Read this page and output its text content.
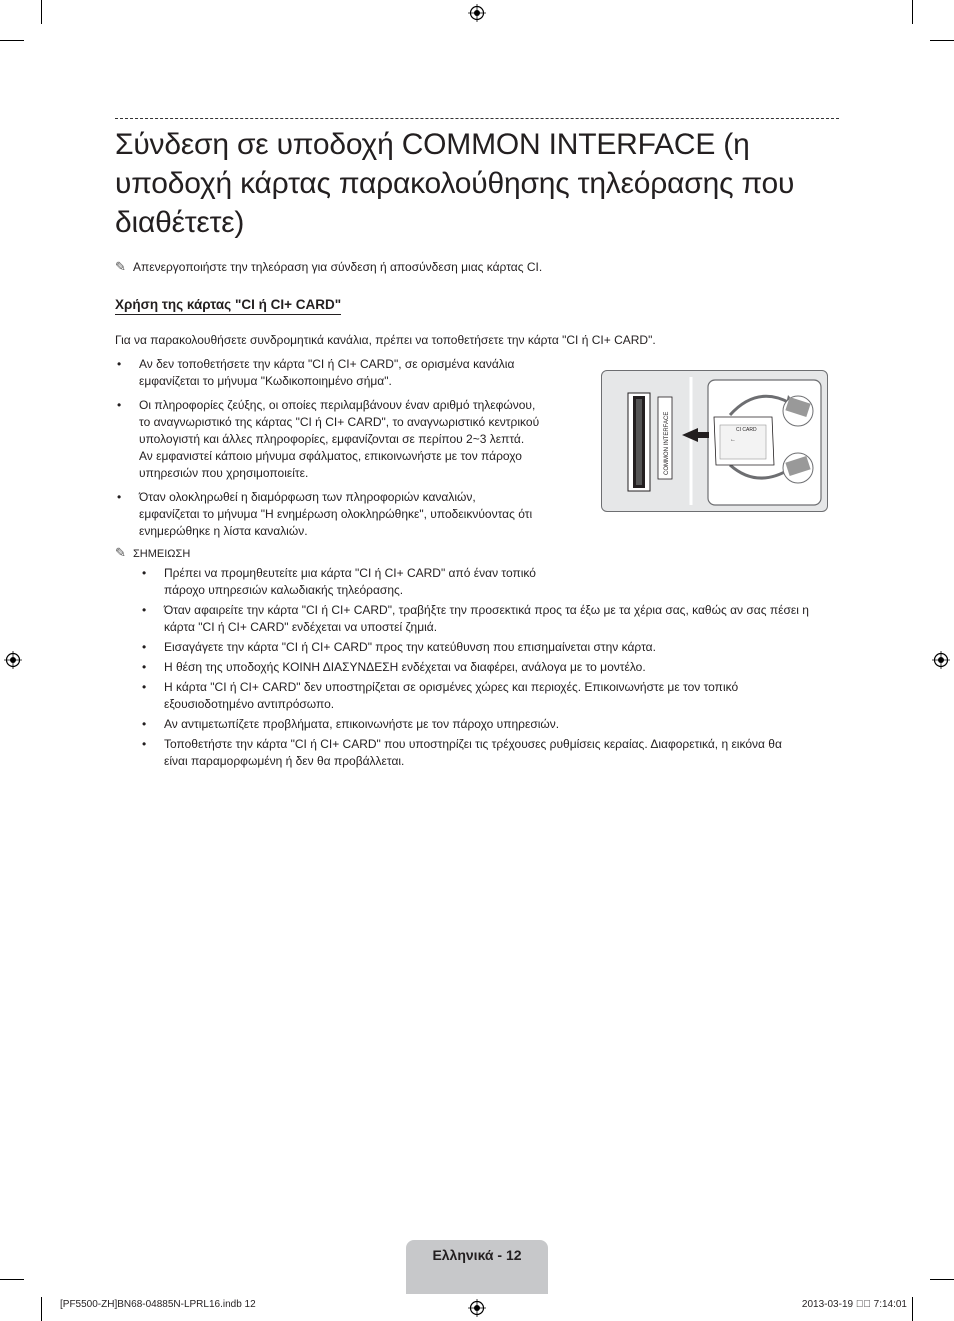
Σύνδεση σε υποδοχή COMMON INTERFACE (η
υποδοχή κάρτας παρακολούθησης τηλεόρασης που
διαθέτετε)
✎ Απενεργοποιήστε την τηλεόραση για σύνδεση ή αποσύνδεση μιας κάρτας CI.
Χρήση της κάρτας "CI ή CI+ CARD"
Για να παρακολουθήσετε συνδρομητικά κανάλια, πρέπει να τοποθετήσετε την κάρτα "CI ή CI+ CARD".
• Αν δεν τοποθετήσετε την κάρτα "CI ή CI+ CARD", σε ορισμένα κανάλια
εμφανίζεται το μήνυμα "Κωδικοποιημένο σήμα".
• Οι πληροφορίες ζεύξης, οι οποίες περιλαμβάνουν έναν αριθμό τηλεφώνου,
το αναγνωριστικό της κάρτας "CI ή CI+ CARD", το αναγνωριστικό κεντρικού
υπολογιστή και άλλες πληροφορίες, εμφανίζονται σε περίπου 2~3 λεπτά.
Αν εμφανιστεί κάποιο μήνυμα σφάλματος, επικοινωνήστε με τον πάροχο
υπηρεσιών που χρησιμοποιείτε.
• Όταν ολοκληρωθεί η διαμόρφωση των πληροφοριών καναλιών,
εμφανίζεται το μήνυμα "Η ενημέρωση ολοκληρώθηκε", υποδεικνύοντας ότι
ενημερώθηκε η λίστα καναλιών.
COMMON INTERFACE	CI CARD
←
✎ ΣΗΜΕΙΩΣΗ
• Πρέπει να προμηθευτείτε μια κάρτα "CI ή CI+ CARD" από έναν τοπικό
πάροχο υπηρεσιών καλωδιακής τηλεόρασης.
• Όταν αφαιρείτε την κάρτα "CI ή CI+ CARD", τραβήξτε την προσεκτικά προς τα έξω με τα χέρια σας, καθώς αν σας πέσει η
κάρτα "CI ή CI+ CARD" ενδέχεται να υποστεί ζημιά.
• Εισαγάγετε την κάρτα "CI ή CI+ CARD" προς την κατεύθυνση που επισημαίνεται στην κάρτα.
• Η θέση της υποδοχής ΚΟΙΝΗ ΔΙΑΣΥΝΔΕΣΗ ενδέχεται να διαφέρει, ανάλογα με το μοντέλο.
• Η κάρτα "CI ή CI+ CARD" δεν υποστηρίζεται σε ορισμένες χώρες και περιοχές. Επικοινωνήστε με τον τοπικό
εξουσιοδοτημένο αντιπρόσωπο.
• Αν αντιμετωπίζετε προβλήματα, επικοινωνήστε με τον πάροχο υπηρεσιών.
• Τοποθετήστε την κάρτα "CI ή CI+ CARD" που υποστηρίζει τις τρέχουσες ρυθμίσεις κεραίας. Διαφορετικά, η εικόνα θα
είναι παραμορφωμένη ή δεν θα προβάλλεται.
Ελληνικά - 12
[PF5500-ZH]BN68-04885N-LPRL16.indb 12	2013-03-19 ￿￿ 7:14:01
